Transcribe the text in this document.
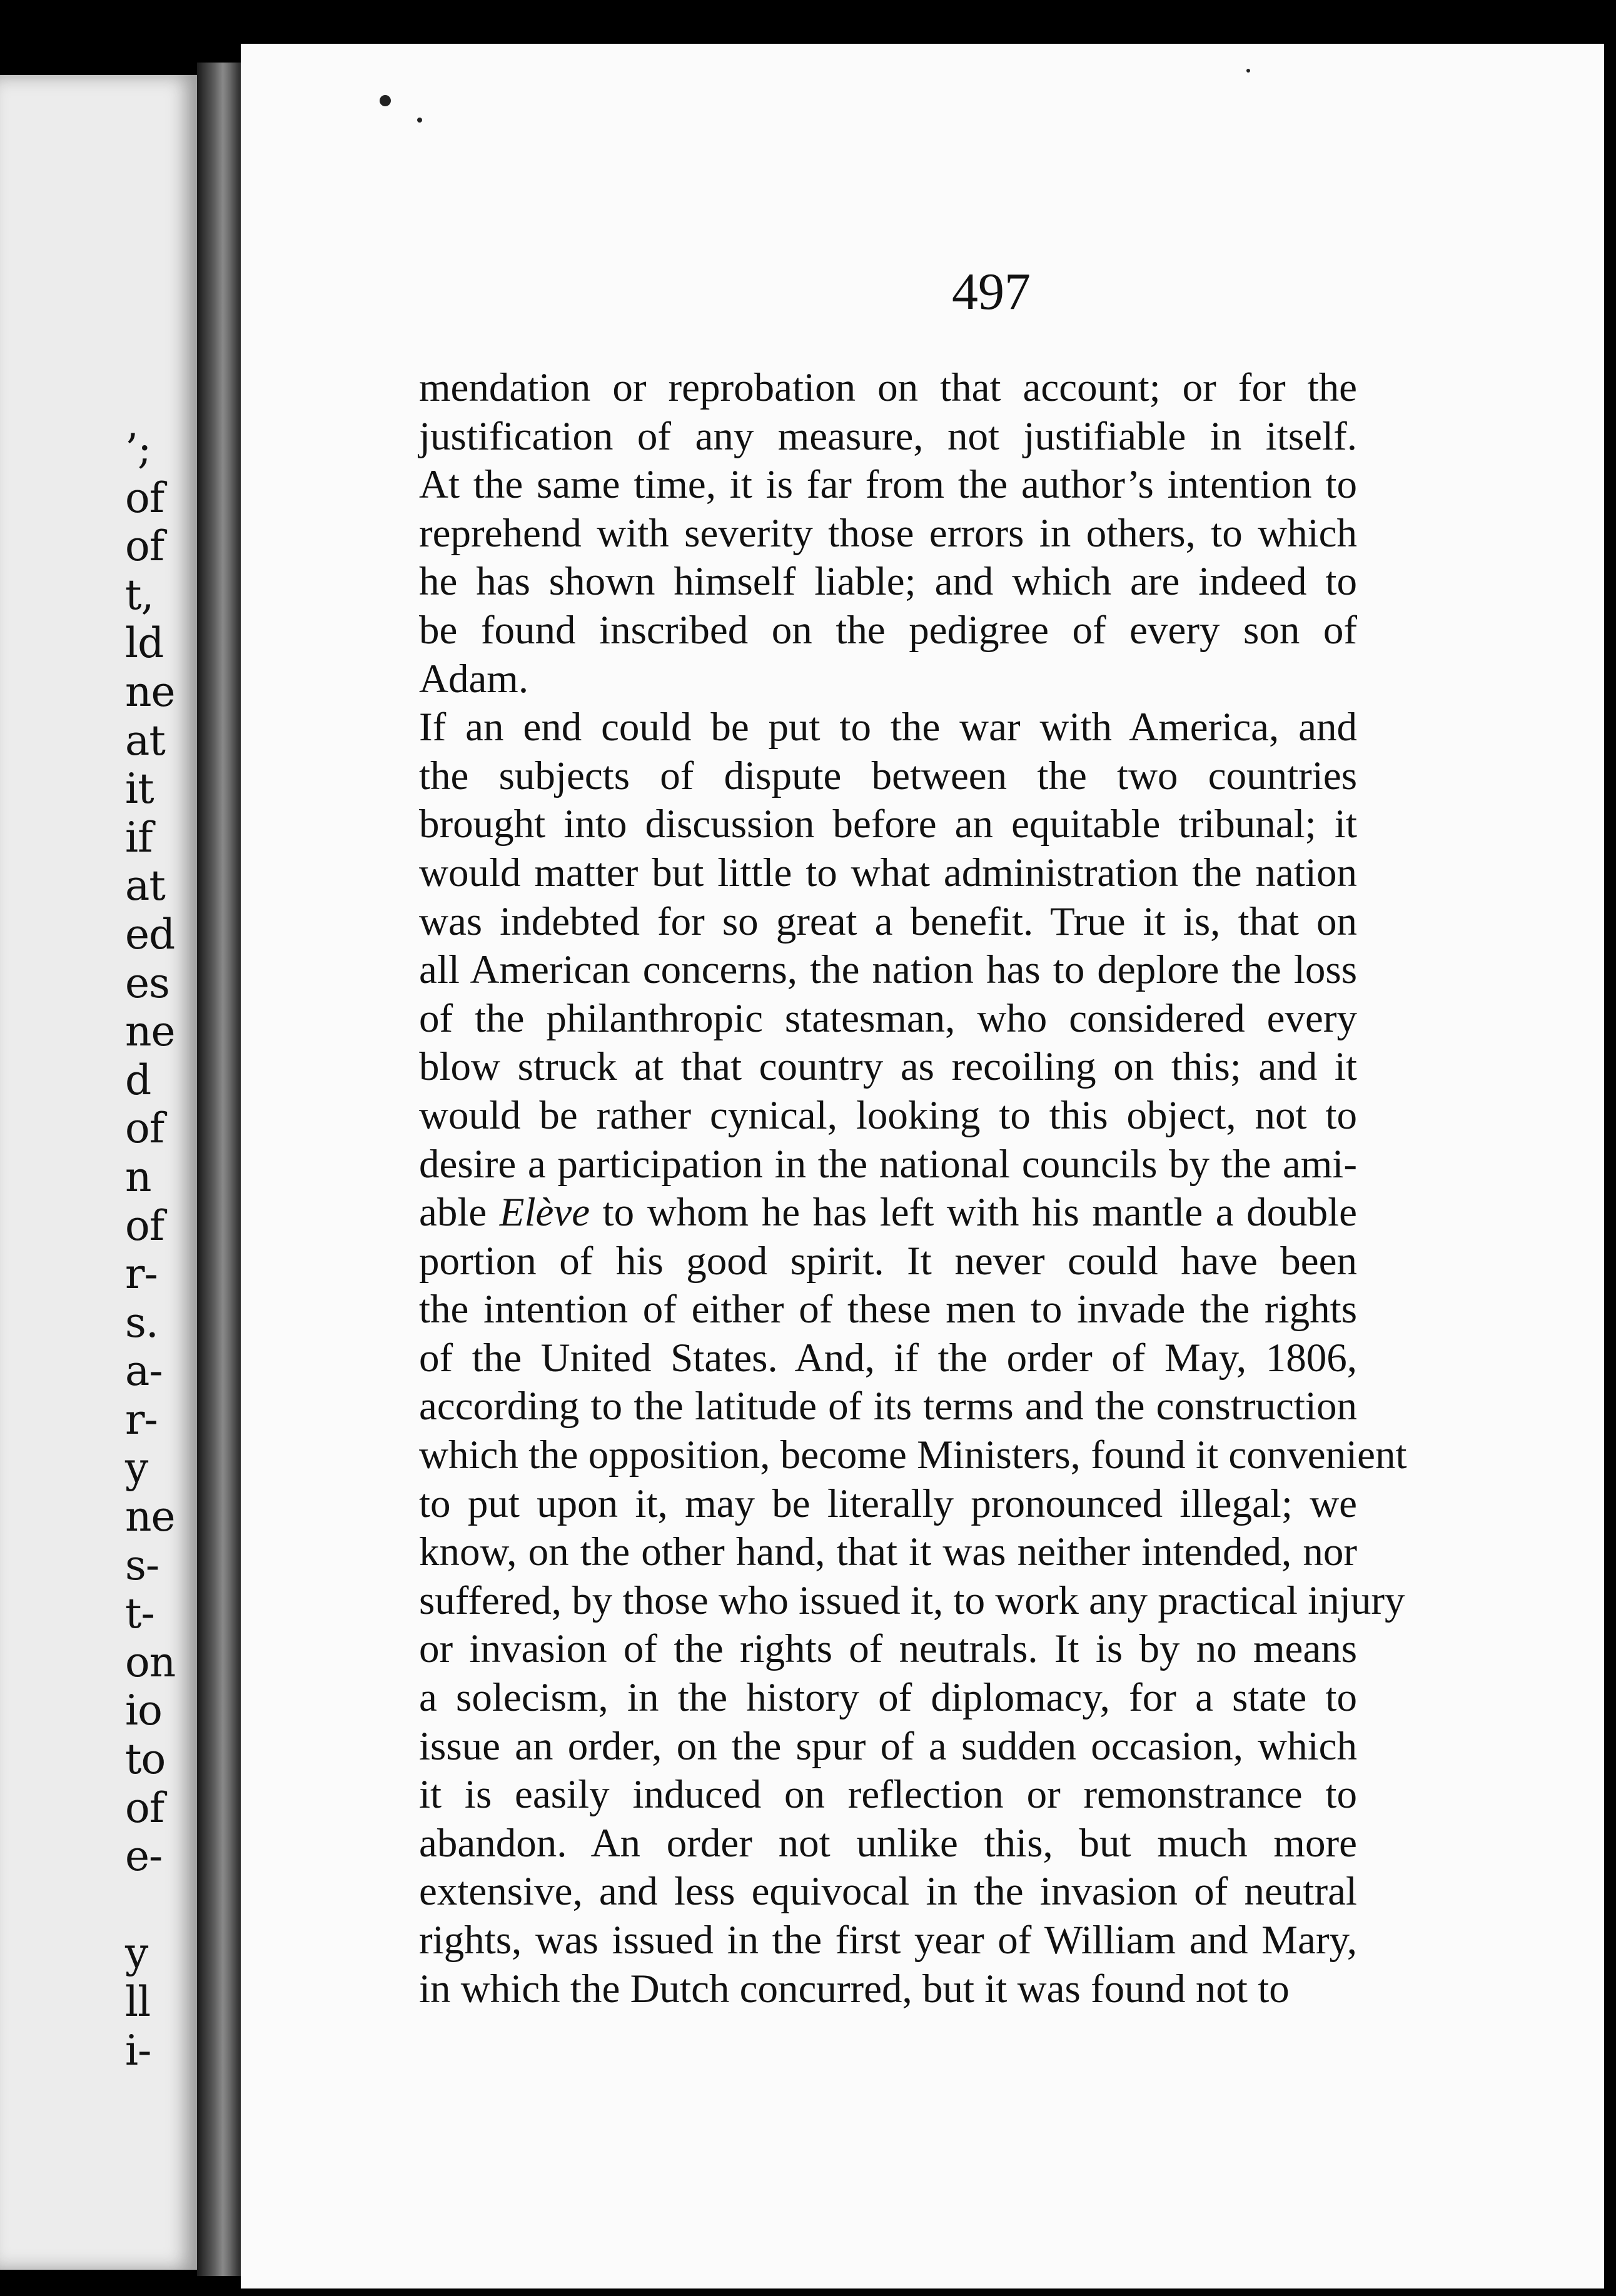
’;
of
of
t,
ld
ne
at
it
if
at
ed
es
ne
d
of
n
of
r-
s.
a-
r-
y
ne
s-
t-
on
io
to
of
e-
y
ll
i-
497
mendation or reprobation on that account; or for the
justification of any measure, not justifiable in itself.
At the same time, it is far from the author’s intention to
reprehend with severity those errors in others, to which
he has shown himself liable; and which are indeed to
be found inscribed on the pedigree of every son of
Adam.
If an end could be put to the war with America, and
the subjects of dispute between the two countries
brought into discussion before an equitable tribunal; it
would matter but little to what administration the nation
was indebted for so great a benefit. True it is, that on
all American concerns, the nation has to deplore the loss
of the philanthropic statesman, who considered every
blow struck at that country as recoiling on this; and it
would be rather cynical, looking to this object, not to
desire a participation in the national councils by the ami-
able Elève to whom he has left with his mantle a double
portion of his good spirit. It never could have been
the intention of either of these men to invade the rights
of the United States. And, if the order of May, 1806,
according to the latitude of its terms and the construction
which the opposition, become Ministers, found it convenient
to put upon it, may be literally pronounced illegal; we
know, on the other hand, that it was neither intended, nor
suffered, by those who issued it, to work any practical injury
or invasion of the rights of neutrals. It is by no means
a solecism, in the history of diplomacy, for a state to
issue an order, on the spur of a sudden occasion, which
it is easily induced on reflection or remonstrance to
abandon. An order not unlike this, but much more
extensive, and less equivocal in the invasion of neutral
rights, was issued in the first year of William and Mary,
in which the Dutch concurred, but it was found not to
